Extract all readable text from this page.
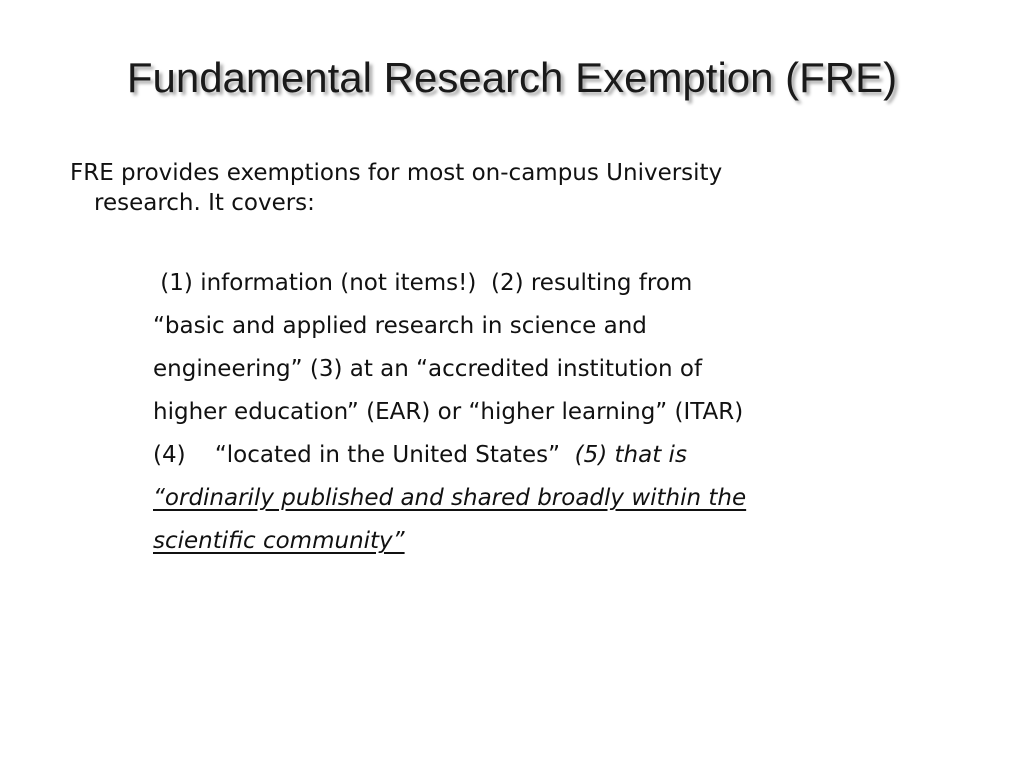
Fundamental Research Exemption (FRE)
FRE provides exemptions for most on-campus University
research. It covers:
(1) information (not items!)  (2) resulting from
“basic and applied research in science and
engineering” (3) at an “accredited institution of
higher education” (EAR) or “higher learning” (ITAR)
(4)    “located in the United States”  (5) that is
“ordinarily published and shared broadly within the
scientific community”
